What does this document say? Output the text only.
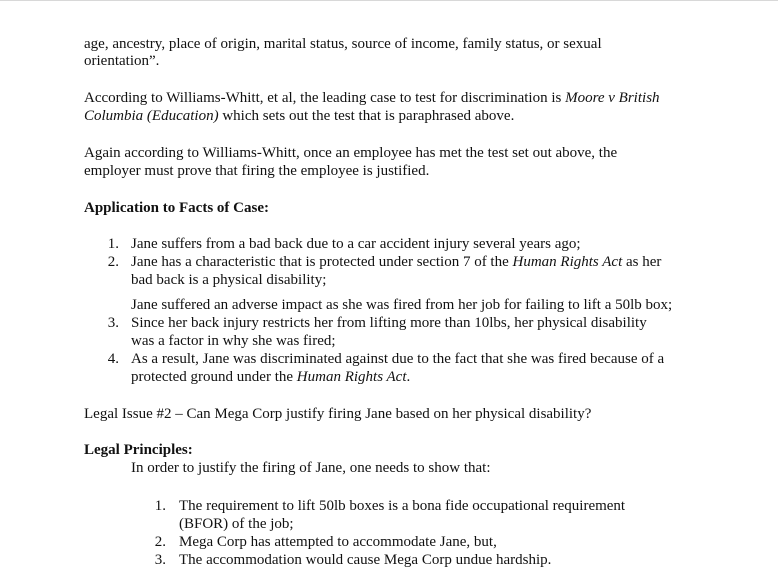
age, ancestry, place of origin, marital status, source of income, family status, or sexual
orientation”.
According to Williams-Whitt, et al, the leading case to test for discrimination is Moore v British
Columbia (Education) which sets out the test that is paraphrased above.
Again according to Williams-Whitt, once an employee has met the test set out above, the
employer must prove that firing the employee is justified.
Application to Facts of Case:
1. Jane suffers from a bad back due to a car accident injury several years ago;
2. Jane has a characteristic that is protected under section 7 of the Human Rights Act as her
bad back is a physical disability;
Jane suffered an adverse impact as she was fired from her job for failing to lift a 50lb box;
3. Since her back injury restricts her from lifting more than 10lbs, her physical disability
was a factor in why she was fired;
4. As a result, Jane was discriminated against due to the fact that she was fired because of a
protected ground under the Human Rights Act.
Legal Issue #2 – Can Mega Corp justify firing Jane based on her physical disability?
Legal Principles:
In order to justify the firing of Jane, one needs to show that:
1. The requirement to lift 50lb boxes is a bona fide occupational requirement
(BFOR) of the job;
2. Mega Corp has attempted to accommodate Jane, but,
3. The accommodation would cause Mega Corp undue hardship.
